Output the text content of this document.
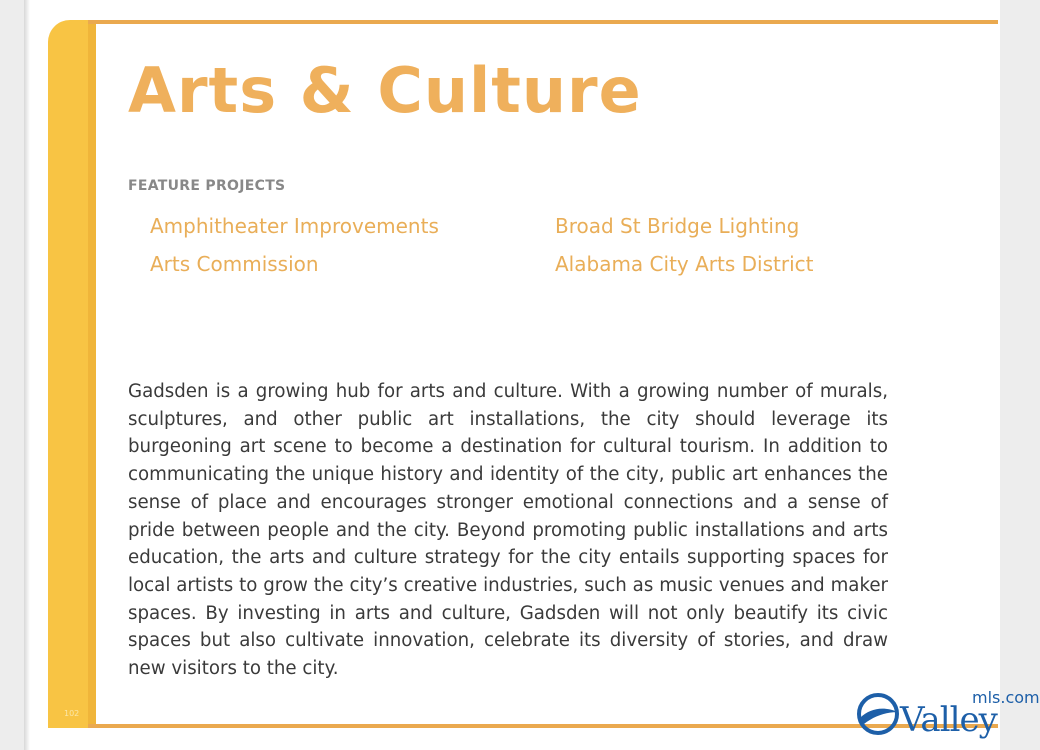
102
Arts & Culture
FEATURE PROJECTS
Amphitheater Improvements	Broad St Bridge Lighting
Arts Commission	Alabama City Arts District

Gadsden is a growing hub for arts and culture. With a growing number of murals, sculptures, and other public art installations, the city should leverage its burgeoning art scene to become a destination for cultural tourism. In addition to communicating the unique history and identity of the city, public art enhances the sense of place and encourages stronger emotional connections and a sense of pride between people and the city. Beyond promoting public installations and arts education, the arts and culture strategy for the city entails supporting spaces for local artists to grow the city’s creative industries, such as music venues and maker spaces. By investing in arts and culture, Gadsden will not only beautify its civic spaces but also cultivate innovation, celebrate its diversity of stories, and draw new visitors to the city.

Valley
mls.com
